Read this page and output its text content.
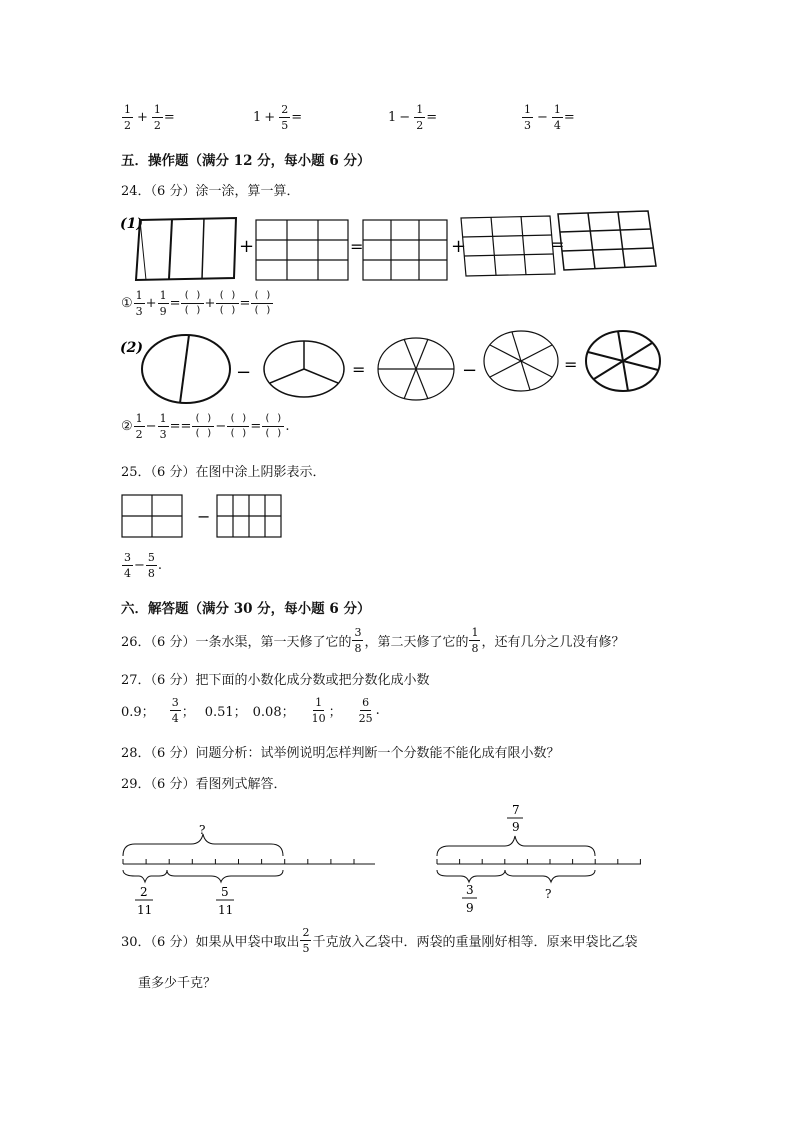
$\frac{1}{2} + \frac{1}{2}$ =	$1 + \frac{2}{5}$ =	$1 - \frac{1}{2}$ =	$\frac{1}{3} - \frac{1}{4}$ =
五．操作题（满分 12 分，每小题 6 分）
24．（6 分）涂一涂，算一算．
(1)
+	=	+	=
① $\frac{1}{3} + \frac{1}{9} = \frac{( )}{( )} + \frac{( )}{( )} = \frac{( )}{( )}$
(2)
−	=	−	=
② $\frac{1}{2} - \frac{1}{3} == \frac{( )}{( )} - \frac{( )}{( )} = \frac{( )}{( )}$ .
25．（6 分）在图中涂上阴影表示．
−
$\frac{3}{4} - \frac{5}{8}$ .
六．解答题（满分 30 分，每小题 6 分）
26．（6 分）一条水渠，第一天修了它的 $\frac{3}{8}$ ，第二天修了它的 $\frac{1}{8}$ ，还有几分之几没有修？
27．（6 分）把下面的小数化成分数或把分数化成小数
0.9； $\frac{3}{4}$ ； 0.51； 0.08； $\frac{1}{10}$ ； $\frac{6}{25}$ .
28．（6 分）问题分析：试举例说明怎样判断一个分数能不能化成有限小数？
29．（6 分）看图列式解答．
?
2
11
5
11
7
9
3
9
?
30．（6 分）如果从甲袋中取出 $\frac{2}{5}$ 千克放入乙袋中．两袋的重量刚好相等．原来甲袋比乙袋
重多少千克？
